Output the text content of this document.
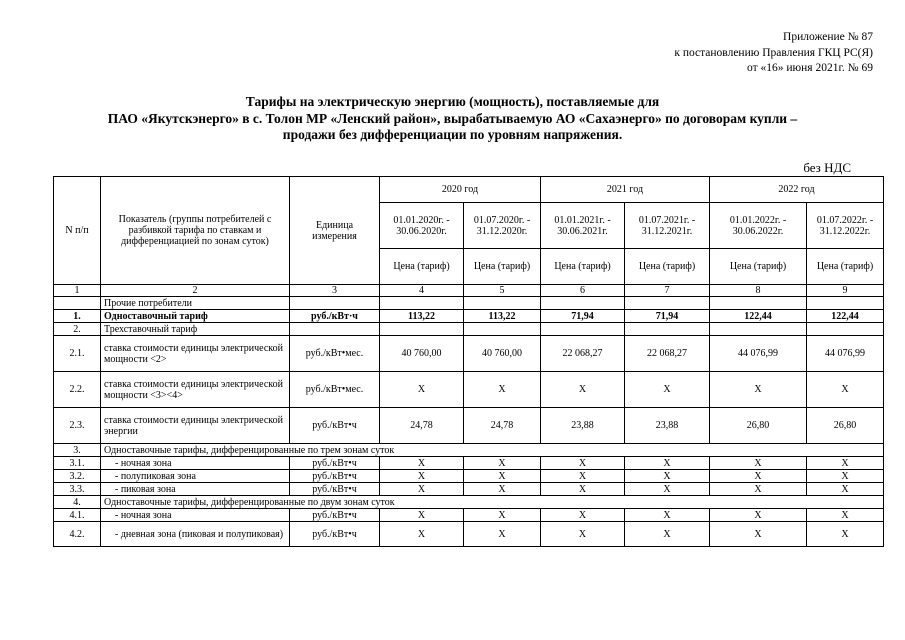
Приложение № 87
к постановлению Правления ГКЦ РС(Я)
от «16» июня 2021г. № 69
Тарифы на электрическую энергию (мощность), поставляемые для
ПАО «Якутскэнерго» в с. Толон МР «Ленский район», вырабатываемую АО «Сахаэнерго» по договорам купли –
продажи без дифференциации по уровням напряжения.
без НДС
N п/п	Показатель (группы потребителей с разбивкой тарифа по ставкам и дифференциацией по зонам суток)	Единица измерения	2020 год		2021 год		2022 год	
			01.01.2020г. - 30.06.2020г.	01.07.2020г. - 31.12.2020г.	01.01.2021г. - 30.06.2021г.	01.07.2021г. - 31.12.2021г.	01.01.2022г. - 30.06.2022г.	01.07.2022г. - 31.12.2022г.
			Цена (тариф)	Цена (тариф)	Цена (тариф)	Цена (тариф)	Цена (тариф)	Цена (тариф)
1	2	3	4	5	6	7	8	9
	Прочие потребители							
1.	Одноставочный тариф	руб./кВт·ч	113,22	113,22	71,94	71,94	122,44	122,44
2.	Трехставочный тариф							
2.1.	ставка стоимости единицы электрической мощности <2>	руб./кВт•мес.	40 760,00	40 760,00	22 068,27	22 068,27	44 076,99	44 076,99
2.2.	ставка стоимости единицы электрической мощности <3><4>	руб./кВт•мес.	X	X	X	X	X	X
2.3.	ставка стоимости единицы электрической энергии	руб./кВт•ч	24,78	24,78	23,88	23,88	26,80	26,80
3.	Одноставочные тарифы, дифференцированные по трем зонам суток							
3.1.	- ночная зона	руб./кВт•ч	X	X	X	X	X	X
3.2.	- полупиковая зона	руб./кВт•ч	X	X	X	X	X	X
3.3.	- пиковая зона	руб./кВт•ч	X	X	X	X	X	X
4.	Одноставочные тарифы, дифференцированные по двум зонам суток							
4.1.	- ночная зона	руб./кВт•ч	X	X	X	X	X	X
4.2.	- дневная зона (пиковая и полупиковая)	руб./кВт•ч	X	X	X	X	X	X
